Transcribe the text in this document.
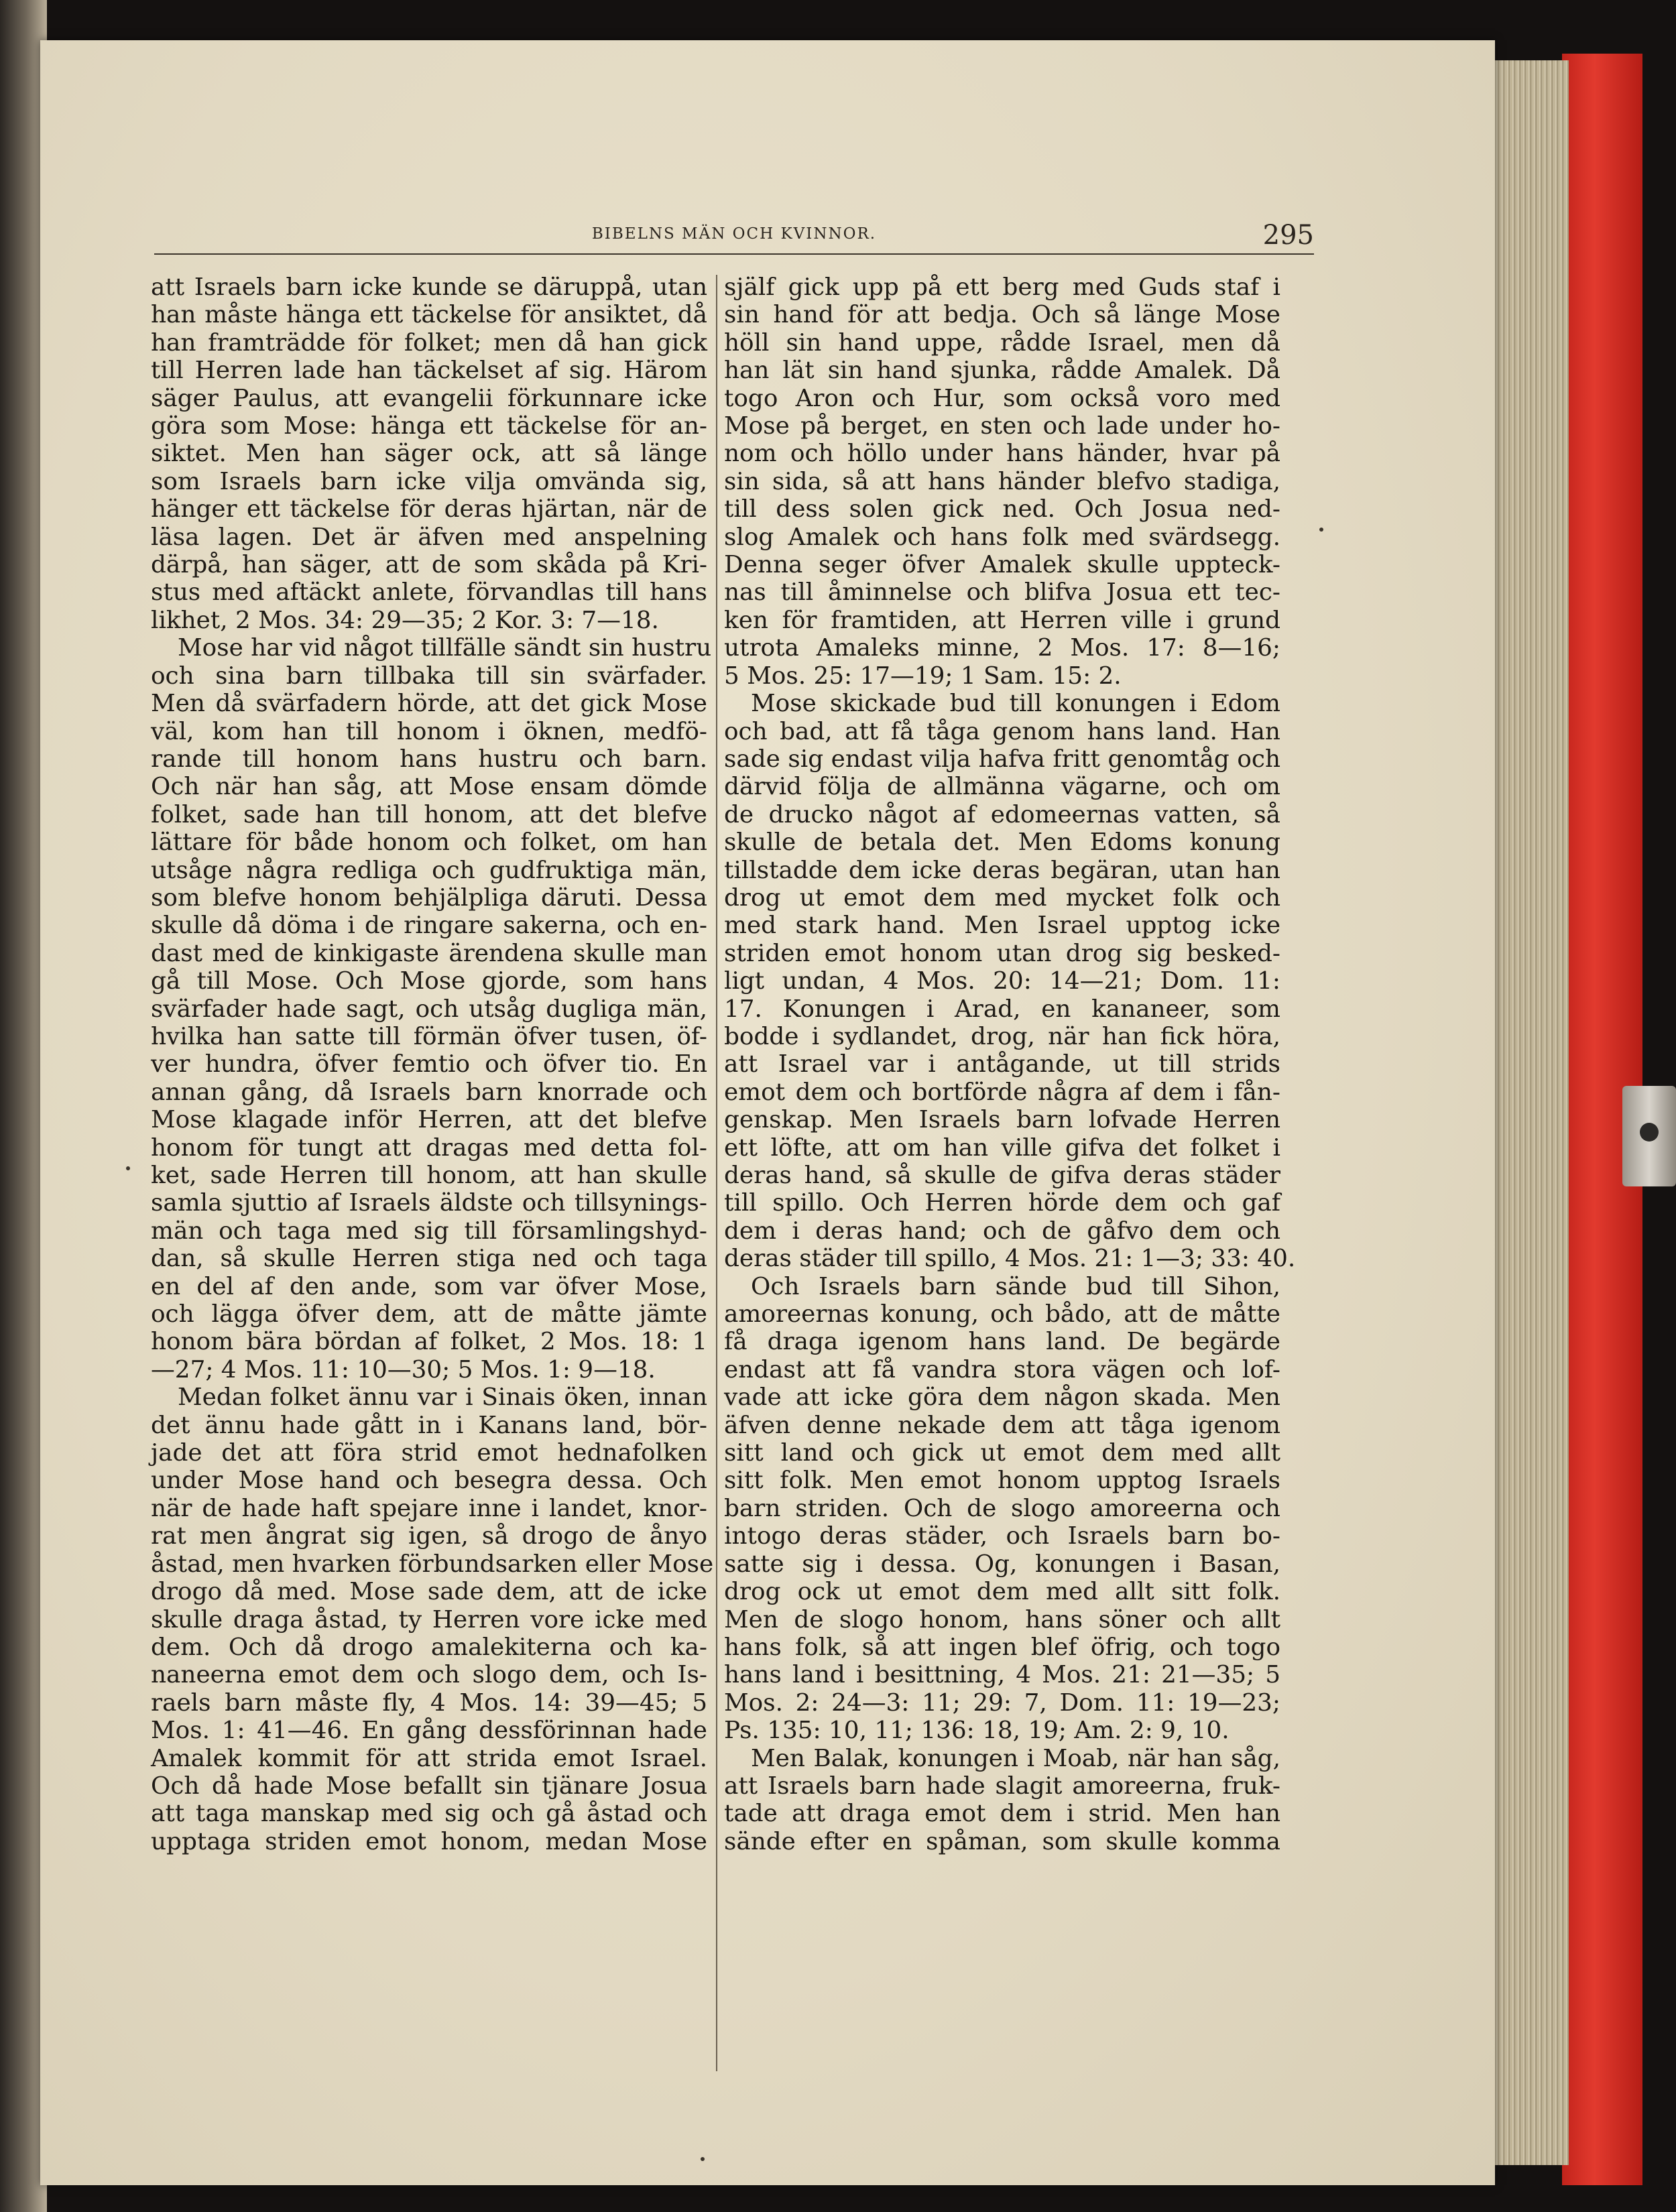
BIBELNS MÄN OCH KVINNOR.	295
att Israels barn icke kunde se däruppå, utan
han måste hänga ett täckelse för ansiktet, då
han framträdde för folket; men då han gick
till Herren lade han täckelset af sig. Härom
säger Paulus, att evangelii förkunnare icke
göra som Mose: hänga ett täckelse för an-
siktet. Men han säger ock, att så länge
som Israels barn icke vilja omvända sig,
hänger ett täckelse för deras hjärtan, när de
läsa lagen. Det är äfven med anspelning
därpå, han säger, att de som skåda på Kri-
stus med aftäckt anlete, förvandlas till hans
likhet, 2 Mos. 34: 29—35; 2 Kor. 3: 7—18.
Mose har vid något tillfälle sändt sin hustru
och sina barn tillbaka till sin svärfader.
Men då svärfadern hörde, att det gick Mose
väl, kom han till honom i öknen, medfö-
rande till honom hans hustru och barn.
Och när han såg, att Mose ensam dömde
folket, sade han till honom, att det blefve
lättare för både honom och folket, om han
utsåge några redliga och gudfruktiga män,
som blefve honom behjälpliga däruti. Dessa
skulle då döma i de ringare sakerna, och en-
dast med de kinkigaste ärendena skulle man
gå till Mose. Och Mose gjorde, som hans
svärfader hade sagt, och utsåg dugliga män,
hvilka han satte till förmän öfver tusen, öf-
ver hundra, öfver femtio och öfver tio. En
annan gång, då Israels barn knorrade och
Mose klagade inför Herren, att det blefve
honom för tungt att dragas med detta fol-
ket, sade Herren till honom, att han skulle
samla sjuttio af Israels äldste och tillsynings-
män och taga med sig till församlingshyd-
dan, så skulle Herren stiga ned och taga
en del af den ande, som var öfver Mose,
och lägga öfver dem, att de måtte jämte
honom bära bördan af folket, 2 Mos. 18: 1
—27; 4 Mos. 11: 10—30; 5 Mos. 1: 9—18.
Medan folket ännu var i Sinais öken, innan
det ännu hade gått in i Kanans land, bör-
jade det att föra strid emot hednafolken
under Mose hand och besegra dessa. Och
när de hade haft spejare inne i landet, knor-
rat men ångrat sig igen, så drogo de ånyo
åstad, men hvarken förbundsarken eller Mose
drogo då med. Mose sade dem, att de icke
skulle draga åstad, ty Herren vore icke med
dem. Och då drogo amalekiterna och ka-
naneerna emot dem och slogo dem, och Is-
raels barn måste fly, 4 Mos. 14: 39—45; 5
Mos. 1: 41—46. En gång dessförinnan hade
Amalek kommit för att strida emot Israel.
Och då hade Mose befallt sin tjänare Josua
att taga manskap med sig och gå åstad och
upptaga striden emot honom, medan Mose
själf gick upp på ett berg med Guds staf i
sin hand för att bedja. Och så länge Mose
höll sin hand uppe, rådde Israel, men då
han lät sin hand sjunka, rådde Amalek. Då
togo Aron och Hur, som också voro med
Mose på berget, en sten och lade under ho-
nom och höllo under hans händer, hvar på
sin sida, så att hans händer blefvo stadiga,
till dess solen gick ned. Och Josua ned-
slog Amalek och hans folk med svärdsegg.
Denna seger öfver Amalek skulle uppteck-
nas till åminnelse och blifva Josua ett tec-
ken för framtiden, att Herren ville i grund
utrota Amaleks minne, 2 Mos. 17: 8—16;
5 Mos. 25: 17—19; 1 Sam. 15: 2.
Mose skickade bud till konungen i Edom
och bad, att få tåga genom hans land. Han
sade sig endast vilja hafva fritt genomtåg och
därvid följa de allmänna vägarne, och om
de drucko något af edomeernas vatten, så
skulle de betala det. Men Edoms konung
tillstadde dem icke deras begäran, utan han
drog ut emot dem med mycket folk och
med stark hand. Men Israel upptog icke
striden emot honom utan drog sig besked-
ligt undan, 4 Mos. 20: 14—21; Dom. 11:
17. Konungen i Arad, en kananeer, som
bodde i sydlandet, drog, när han fick höra,
att Israel var i antågande, ut till strids
emot dem och bortförde några af dem i fån-
genskap. Men Israels barn lofvade Herren
ett löfte, att om han ville gifva det folket i
deras hand, så skulle de gifva deras städer
till spillo. Och Herren hörde dem och gaf
dem i deras hand; och de gåfvo dem och
deras städer till spillo, 4 Mos. 21: 1—3; 33: 40.
Och Israels barn sände bud till Sihon,
amoreernas konung, och bådo, att de måtte
få draga igenom hans land. De begärde
endast att få vandra stora vägen och lof-
vade att icke göra dem någon skada. Men
äfven denne nekade dem att tåga igenom
sitt land och gick ut emot dem med allt
sitt folk. Men emot honom upptog Israels
barn striden. Och de slogo amoreerna och
intogo deras städer, och Israels barn bo-
satte sig i dessa. Og, konungen i Basan,
drog ock ut emot dem med allt sitt folk.
Men de slogo honom, hans söner och allt
hans folk, så att ingen blef öfrig, och togo
hans land i besittning, 4 Mos. 21: 21—35; 5
Mos. 2: 24—3: 11; 29: 7, Dom. 11: 19—23;
Ps. 135: 10, 11; 136: 18, 19; Am. 2: 9, 10.
Men Balak, konungen i Moab, när han såg,
att Israels barn hade slagit amoreerna, fruk-
tade att draga emot dem i strid. Men han
sände efter en spåman, som skulle komma
